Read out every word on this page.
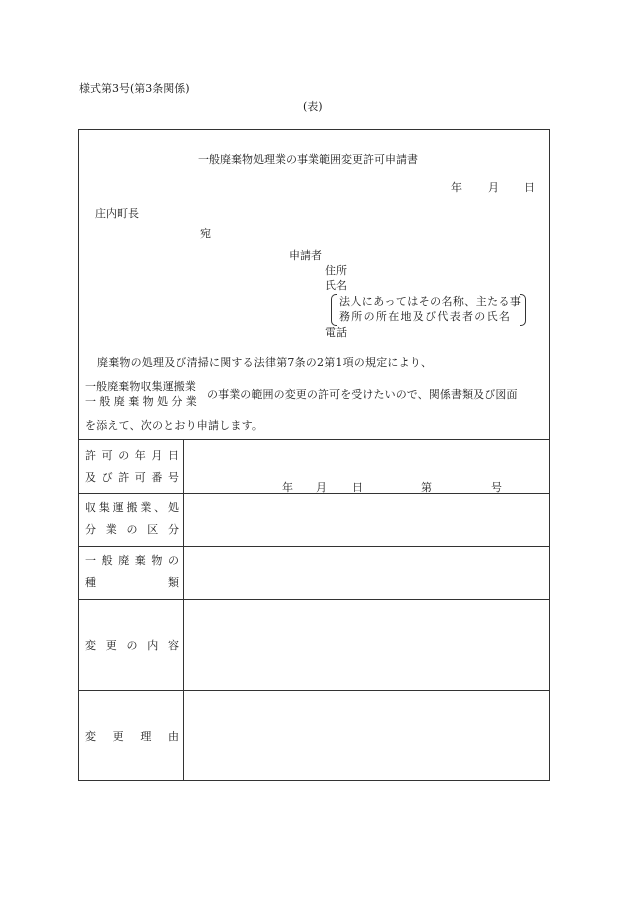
様式第3号(第3条関係)
(表)
一般廃棄物処理業の事業範囲変更許可申請書
年 月 日
庄内町長
宛
申請者
住所
氏名
法人にあってはその名称、主たる事
務所の所在地及び代表者の氏名
電話
廃棄物の処理及び清掃に関する法律第7条の2第1項の規定により、
一般廃棄物収集運搬業
一般廃棄物処分業
の事業の範囲の変更の許可を受けたいので、関係書類及び図面
を添えて、次のとおり申請します。
許 可 の 年 月 日
及 び 許 可 番 号
年 月 日	第	号
収 集 運 搬 業 、 処
分 業 の 区 分
一 般 廃 棄 物 の
種	類
変 更 の 内 容
変 更 理 由
